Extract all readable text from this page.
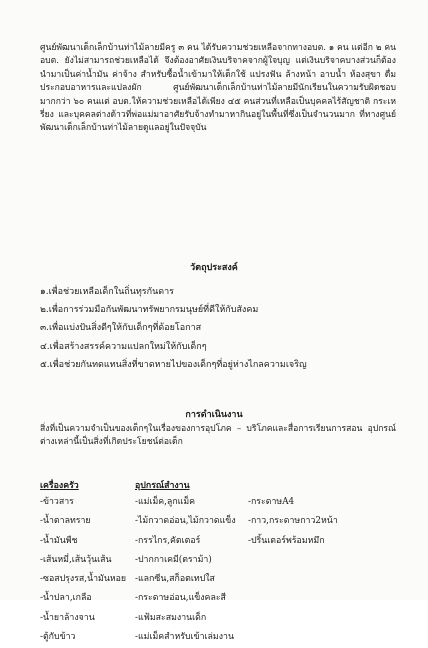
ศูนย์พัฒนาเด็กเล็กบ้านท่าไม้ลายมีครู ๓ คน ได้รับความช่วยเหลือจากทางอบต. ๑ คน แต่อีก ๒ คน อบต. ยังไม่สามารถช่วยเหลือได้ จึงต้องอาศัยเงินบริจาคจากผู้ใจบุญ แต่เงินบริจาคบางส่วนก็ต้องนำมาเป็นค่าน้ำมัน ค่าจ้าง สำหรับซื้อน้ำเข้ามาให้เด็กใช้ แปรงฟัน ล้างหน้า อาบน้ำ ห้องสุขา ดื่ม ประกอบอาหารและแปลงผัก ศูนย์พัฒนาเด็กเล็กบ้านท่าไม้ลายมีนักเรียนในความรับผิดชอบมากกว่า ๖๐ คนแต่ อบต.ให้ความช่วยเหลือได้เพียง ๔๕ คนส่วนที่เหลือเป็นบุคคลไร้สัญชาติ กระเหรี่ยง และบุคคลต่างด้าวที่พ่อแม่มาอาศัยรับจ้างทำมาหากินอยู่ในพื้นที่ซึ่งเป็นจำนวนมาก ที่ทางศูนย์พัฒนาเด็กเล็กบ้านท่าไม้ลายดูแลอยู่ในปัจจุบัน

วัตถุประสงค์
๑.เพื่อช่วยเหลือเด็กในถิ่นทุรกันดาร
๒.เพื่อการร่วมมือกันพัฒนาทรัพยากรมนุษย์ที่ดีให้กับสังคม
๓.เพื่อแบ่งปันสิ่งดีๆให้กับเด็กๆที่ด้อยโอกาส
๔.เพื่อสร้างสรรค์ความแปลกใหม่ให้กับเด็กๆ
๕.เพื่อช่วยกันทดแทนสิ่งที่ขาดหายไปของเด็กๆที่อยู่ห่างไกลความเจริญ
การดำเนินงาน

สิ่งที่เป็นความจำเป็นของเด็กๆในเรื่องของการอุปโภค – บริโภคและสื่อการเรียนการสอน อุปกรณ์ต่างเหล่านี้เป็นสิ่งที่เกิดประโยชน์ต่อเด็ก

เครื่องครัว	อุปกรณ์สำงาน
-ข้าวสาร	-แม่เม็ค,ลูกแม็ค	-กระดาษA4
-น้ำตาลทราย	-ไม้กวาดอ่อน,ไม้กวาดแข็ง -กาว,กระดาษกาว2หน้า
-น้ำมันพืช	-กรรไกร,คัตเตอร์	-ปริ้นเตอร์พร้อมหมึก
-เส้นหมี่,เส้นวุ้นเส้น	-ปากกาเคมี(ตราม้า)
-ซอสปรุงรส,น้ำมันหอย -แลกซีน,สก็อตเทปใส
-น้ำปลา,เกลือ	-กระดาษอ่อน,แข็งคละสี
-น้ำยาล้างจาน	-แฟ้มสะสมงานเด็ก
-ตู้กับข้าว	-แม่เม็คสำหรับเข้าเล่มงาน
